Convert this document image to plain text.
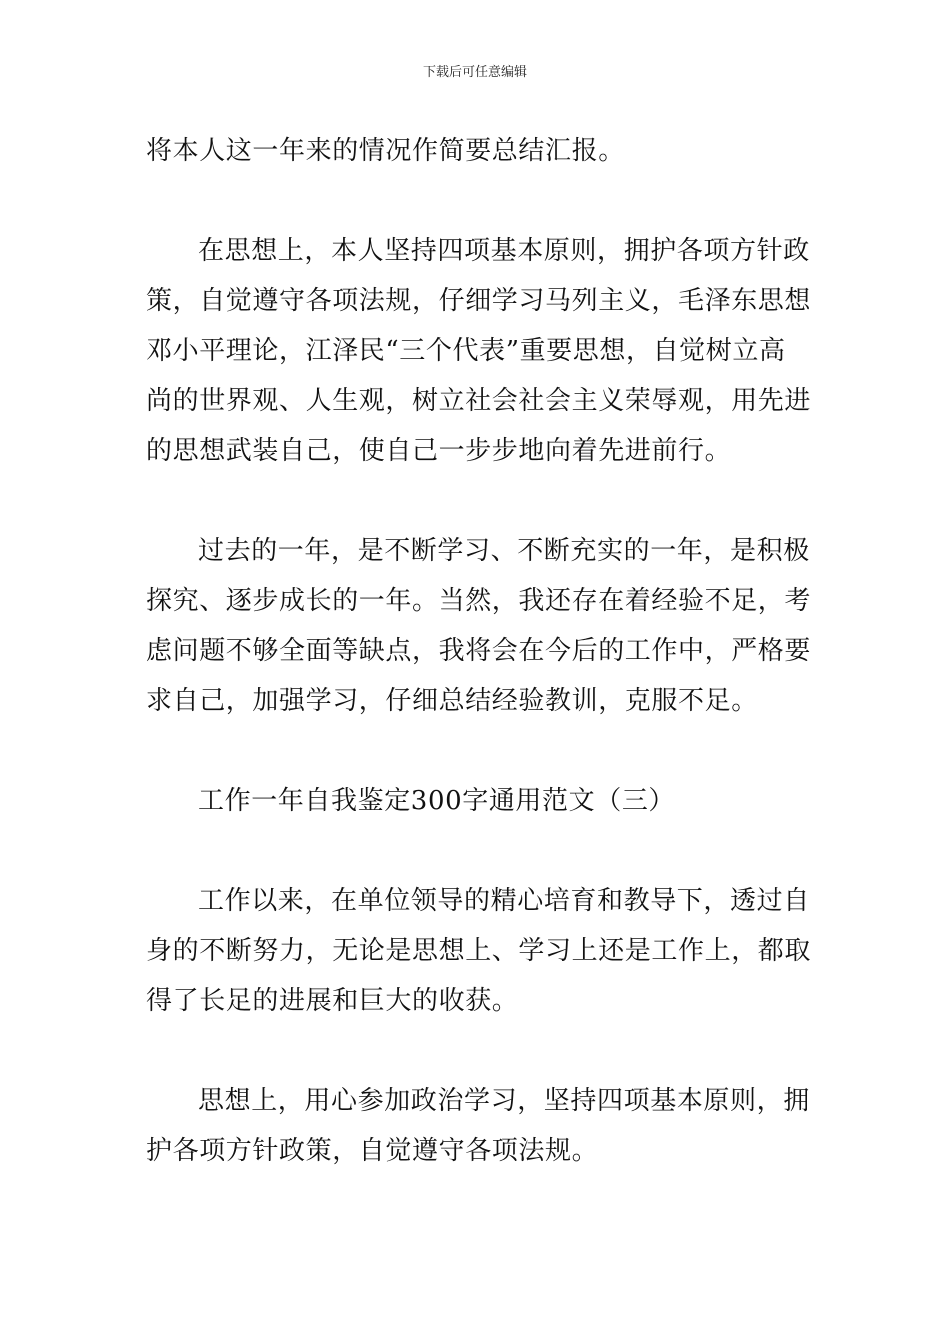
下载后可任意编辑
将本人这一年来的情况作简要总结汇报。
在思想上，本人坚持四项基本原则，拥护各项方针政
策，自觉遵守各项法规，仔细学习马列主义，毛泽东思想
邓小平理论，江泽民“三个代表”重要思想，自觉树立高
尚的世界观、人生观，树立社会社会主义荣辱观，用先进
的思想武装自己，使自己一步步地向着先进前行。
过去的一年，是不断学习、不断充实的一年，是积极
探究、逐步成长的一年。当然，我还存在着经验不足，考
虑问题不够全面等缺点，我将会在今后的工作中，严格要
求自己，加强学习，仔细总结经验教训，克服不足。
工作一年自我鉴定300字通用范文（三）
工作以来，在单位领导的精心培育和教导下，透过自
身的不断努力，无论是思想上、学习上还是工作上，都取
得了长足的进展和巨大的收获。
思想上，用心参加政治学习，坚持四项基本原则，拥
护各项方针政策，自觉遵守各项法规。
